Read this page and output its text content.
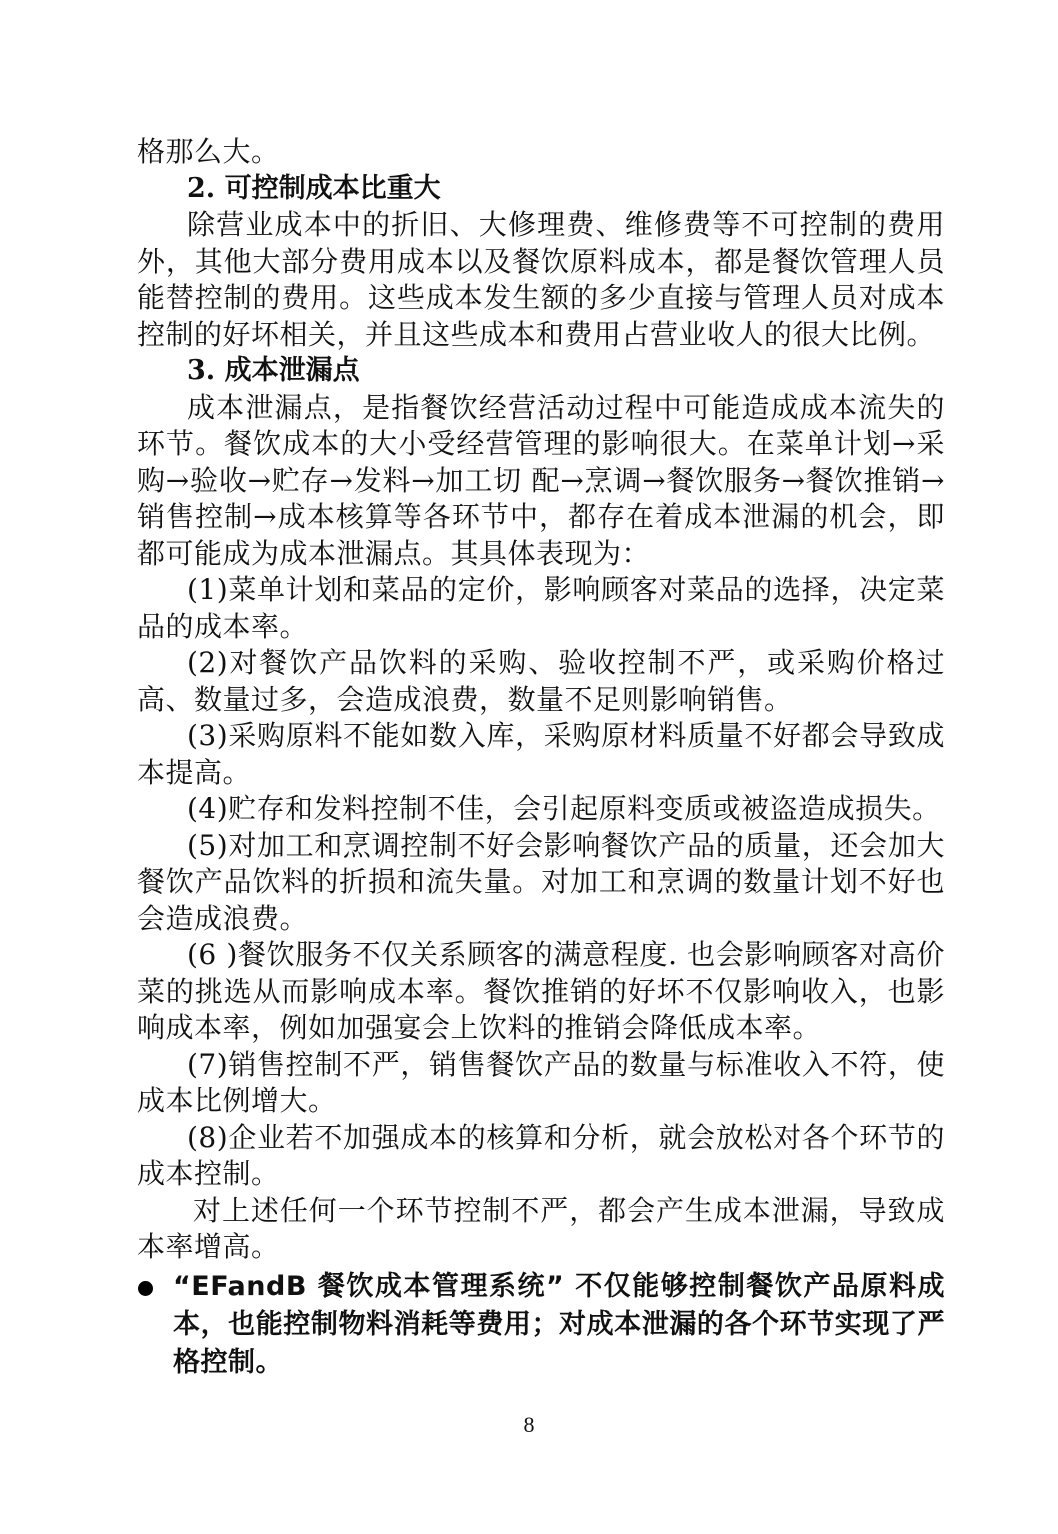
格那么大。

2. 可控制成本比重大

除营业成本中的折旧、大修理费、维修费等不可控制的费用外，其他大部分费用成本以及餐饮原料成本，都是餐饮管理人员能替控制的费用。这些成本发生额的多少直接与管理人员对成本控制的好坏相关，并且这些成本和费用占营业收人的很大比例。

3. 成本泄漏点

成本泄漏点，是指餐饮经营活动过程中可能造成成本流失的环节。餐饮成本的大小受经营管理的影响很大。在菜单计划→采购→验收→贮存→发料→加工切 配→烹调→餐饮服务→餐饮推销→销售控制→成本核算等各环节中，都存在着成本泄漏的机会，即都可能成为成本泄漏点。其具体表现为：

(1)菜单计划和菜品的定价，影响顾客对菜品的选择，决定菜品的成本率。

(2)对餐饮产品饮料的采购、验收控制不严，或采购价格过高、数量过多，会造成浪费，数量不足则影响销售。

(3)采购原料不能如数入库，采购原材料质量不好都会导致成本提高。

(4)贮存和发料控制不佳，会引起原料变质或被盗造成损失。

(5)对加工和烹调控制不好会影响餐饮产品的质量，还会加大餐饮产品饮料的折损和流失量。对加工和烹调的数量计划不好也会造成浪费。

(6 )餐饮服务不仅关系顾客的满意程度. 也会影响顾客对高价菜的挑选从而影响成本率。餐饮推销的好坏不仅影响收入，也影响成本率，例如加强宴会上饮料的推销会降低成本率。

(7)销售控制不严，销售餐饮产品的数量与标准收入不符，使成本比例增大。

(8)企业若不加强成本的核算和分析，就会放松对各个环节的成本控制。

对上述任何一个环节控制不严，都会产生成本泄漏，导致成本率增高。

“EFandB 餐饮成本管理系统” 不仅能够控制餐饮产品原料成本，也能控制物料消耗等费用；对成本泄漏的各个环节实现了严格控制。

8
